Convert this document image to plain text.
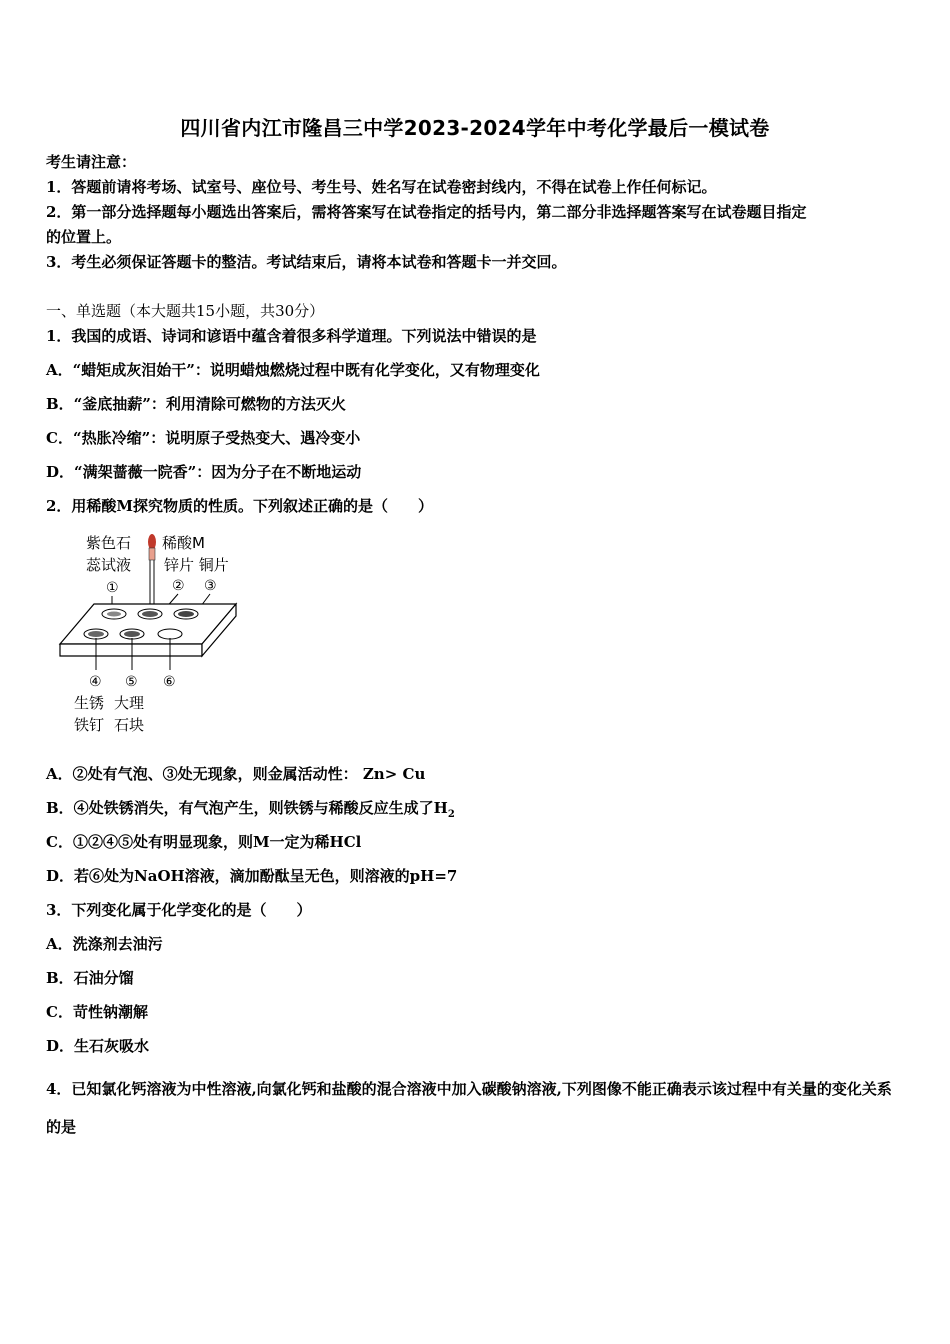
四川省内江市隆昌三中学2023-2024学年中考化学最后一模试卷
考生请注意：
1．答题前请将考场、试室号、座位号、考生号、姓名写在试卷密封线内，不得在试卷上作任何标记。
2．第一部分选择题每小题选出答案后，需将答案写在试卷指定的括号内，第二部分非选择题答案写在试卷题目指定
的位置上。
3．考生必须保证答题卡的整洁。考试结束后，请将本试卷和答题卡一并交回。
一、单选题（本大题共15小题，共30分）
1．我国的成语、诗词和谚语中蕴含着很多科学道理。下列说法中错误的是
A．“蜡矩成灰泪始干”：说明蜡烛燃烧过程中既有化学变化，又有物理变化
B．“釜底抽薪”：利用清除可燃物的方法灭火
C．“热胀冷缩”：说明原子受热变大、遇冷变小
D．“满架蔷薇一院香”：因为分子在不断地运动
2．用稀酸M探究物质的性质。下列叙述正确的是（　　）
紫色石
蕊试液
稀酸M
锌片 铜片
①	② ③
④ ⑤ ⑥
生锈
铁钉
大理
石块
A．②处有气泡、③处无现象，则金属活动性： Zn> Cu
B．④处铁锈消失，有气泡产生，则铁锈与稀酸反应生成了$H_2$
C．①②④⑤处有明显现象，则M一定为稀HCl
D．若⑥处为NaOH溶液，滴加酚酞呈无色，则溶液的pH=7
3．下列变化属于化学变化的是（　　）
A．洗涤剂去油污
B．石油分馏
C．苛性钠潮解
D．生石灰吸水
4．已知氯化钙溶液为中性溶液,向氯化钙和盐酸的混合溶液中加入碳酸钠溶液,下列图像不能正确表示该过程中有关量的变化关系的是
